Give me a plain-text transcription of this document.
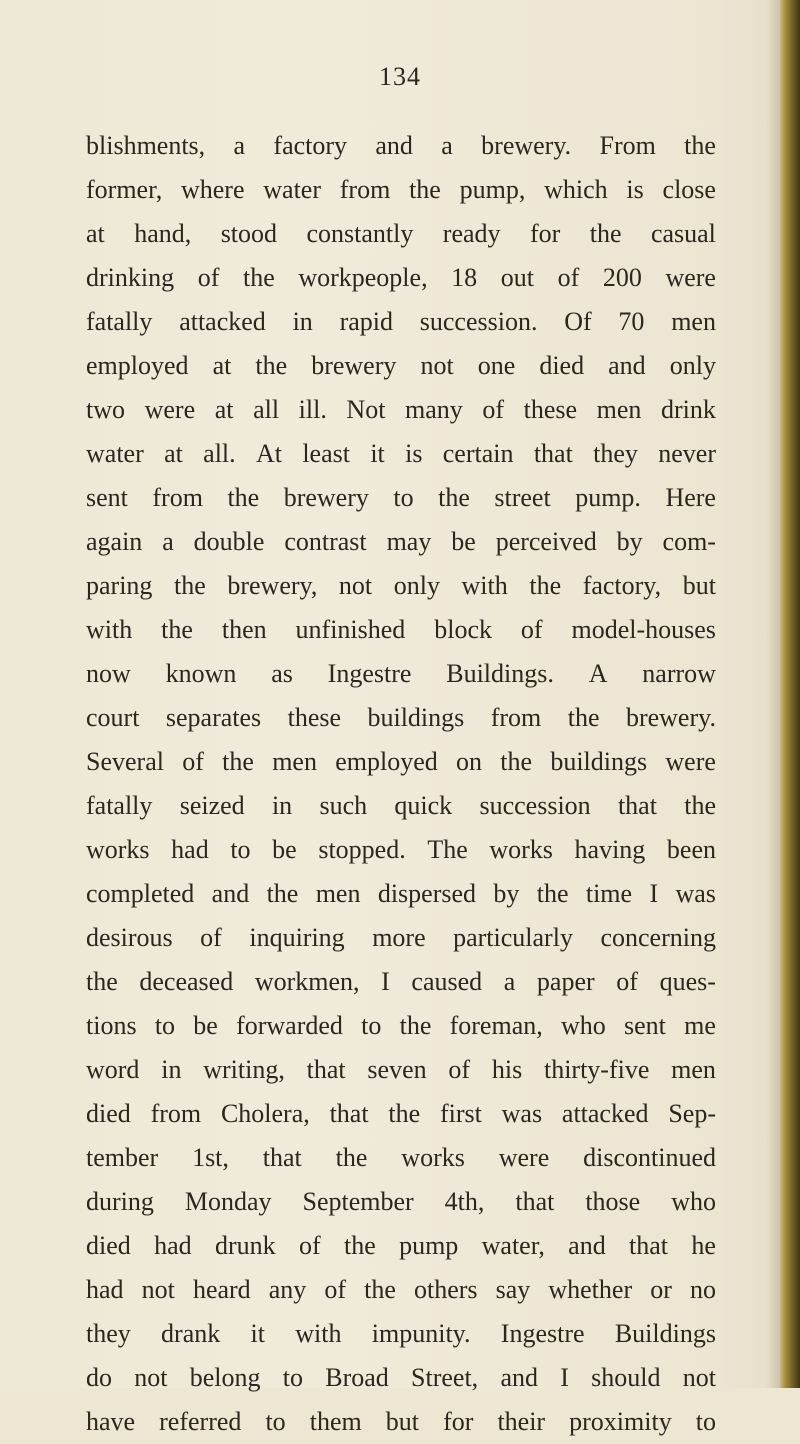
134
blishments, a factory and a brewery. From the
former, where water from the pump, which is close
at hand, stood constantly ready for the casual
drinking of the workpeople, 18 out of 200 were
fatally attacked in rapid succession. Of 70 men
employed at the brewery not one died and only
two were at all ill. Not many of these men drink
water at all. At least it is certain that they never
sent from the brewery to the street pump. Here
again a double contrast may be perceived by com-
paring the brewery, not only with the factory, but
with the then unfinished block of model-houses
now known as Ingestre Buildings. A narrow
court separates these buildings from the brewery.
Several of the men employed on the buildings were
fatally seized in such quick succession that the
works had to be stopped. The works having been
completed and the men dispersed by the time I was
desirous of inquiring more particularly concerning
the deceased workmen, I caused a paper of ques-
tions to be forwarded to the foreman, who sent me
word in writing, that seven of his thirty-five men
died from Cholera, that the first was attacked Sep-
tember 1st, that the works were discontinued
during Monday September 4th, that those who
died had drunk of the pump water, and that he
had not heard any of the others say whether or no
they drank it with impunity. Ingestre Buildings
do not belong to Broad Street, and I should not
have referred to them but for their proximity to
